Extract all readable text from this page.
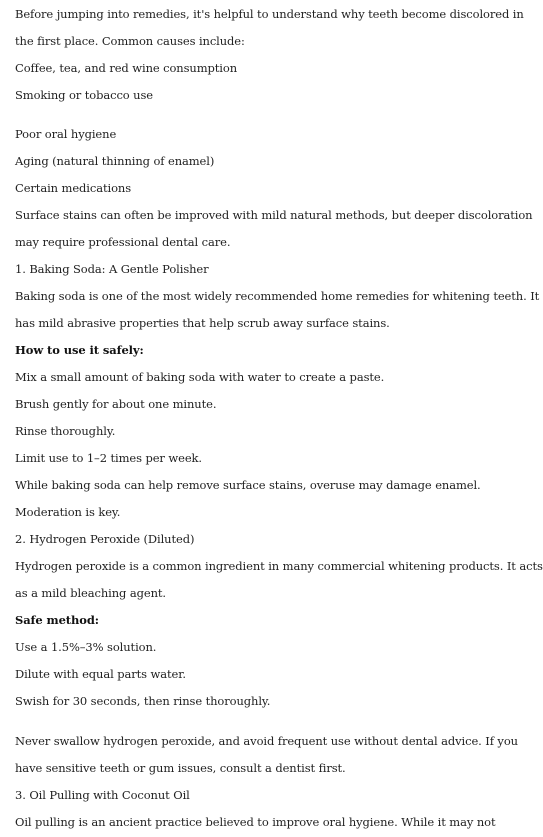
Before jumping into remedies, it's helpful to understand why teeth become discolored in
the first place. Common causes include:
Coffee, tea, and red wine consumption
Smoking or tobacco use
Poor oral hygiene
Aging (natural thinning of enamel)
Certain medications
Surface stains can often be improved with mild natural methods, but deeper discoloration
may require professional dental care.
1. Baking Soda: A Gentle Polisher
Baking soda is one of the most widely recommended home remedies for whitening teeth. It
has mild abrasive properties that help scrub away surface stains.
How to use it safely:
Mix a small amount of baking soda with water to create a paste.
Brush gently for about one minute.
Rinse thoroughly.
Limit use to 1–2 times per week.
While baking soda can help remove surface stains, overuse may damage enamel.
Moderation is key.
2. Hydrogen Peroxide (Diluted)
Hydrogen peroxide is a common ingredient in many commercial whitening products. It acts
as a mild bleaching agent.
Safe method:
Use a 1.5%–3% solution.
Dilute with equal parts water.
Swish for 30 seconds, then rinse thoroughly.
Never swallow hydrogen peroxide, and avoid frequent use without dental advice. If you
have sensitive teeth or gum issues, consult a dentist first.
3. Oil Pulling with Coconut Oil
Oil pulling is an ancient practice believed to improve oral hygiene. While it may not
